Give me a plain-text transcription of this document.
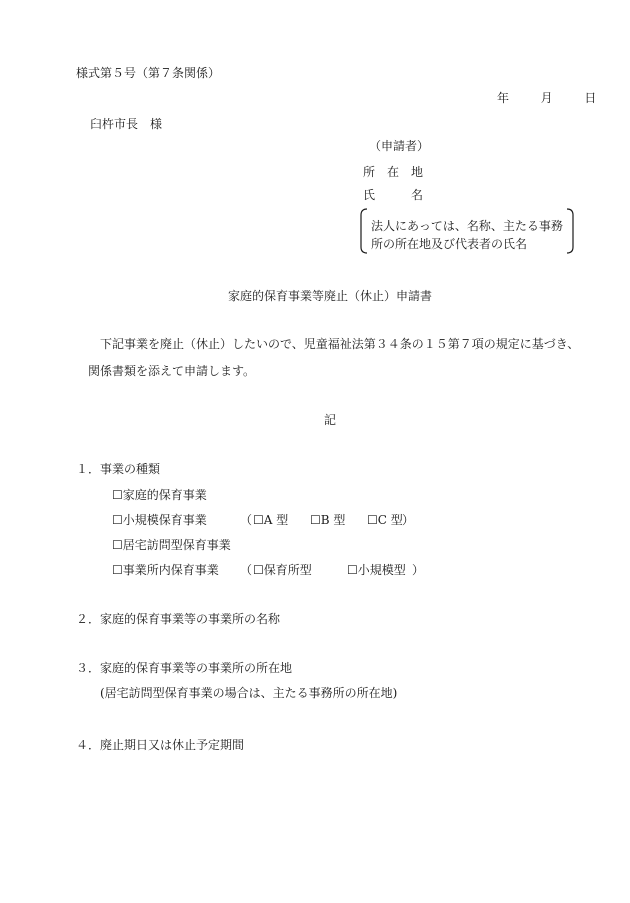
様式第５号（第７条関係）
年	月	日
臼杵市長　様
（申請者）
所　在　地
氏　　　名
法人にあっては、名称、主たる事務
所の所在地及び代表者の氏名
家庭的保育事業等廃止（休止）申請書
下記事業を廃止（休止）したいので、児童福祉法第３４条の１５第７項の規定に基づき、
関係書類を添えて申請します。
記
１．事業の種類
☐家庭的保育事業
☐小規模保育事業	（ ☐A 型 ☐B 型 ☐C 型 ）
☐居宅訪問型保育事業
☐事業所内保育事業 （ ☐保育所型	☐小規模型 ）
２．家庭的保育事業等の事業所の名称
３．家庭的保育事業等の事業所の所在地
(居宅訪問型保育事業の場合は、主たる事務所の所在地)
４．廃止期日又は休止予定期間
